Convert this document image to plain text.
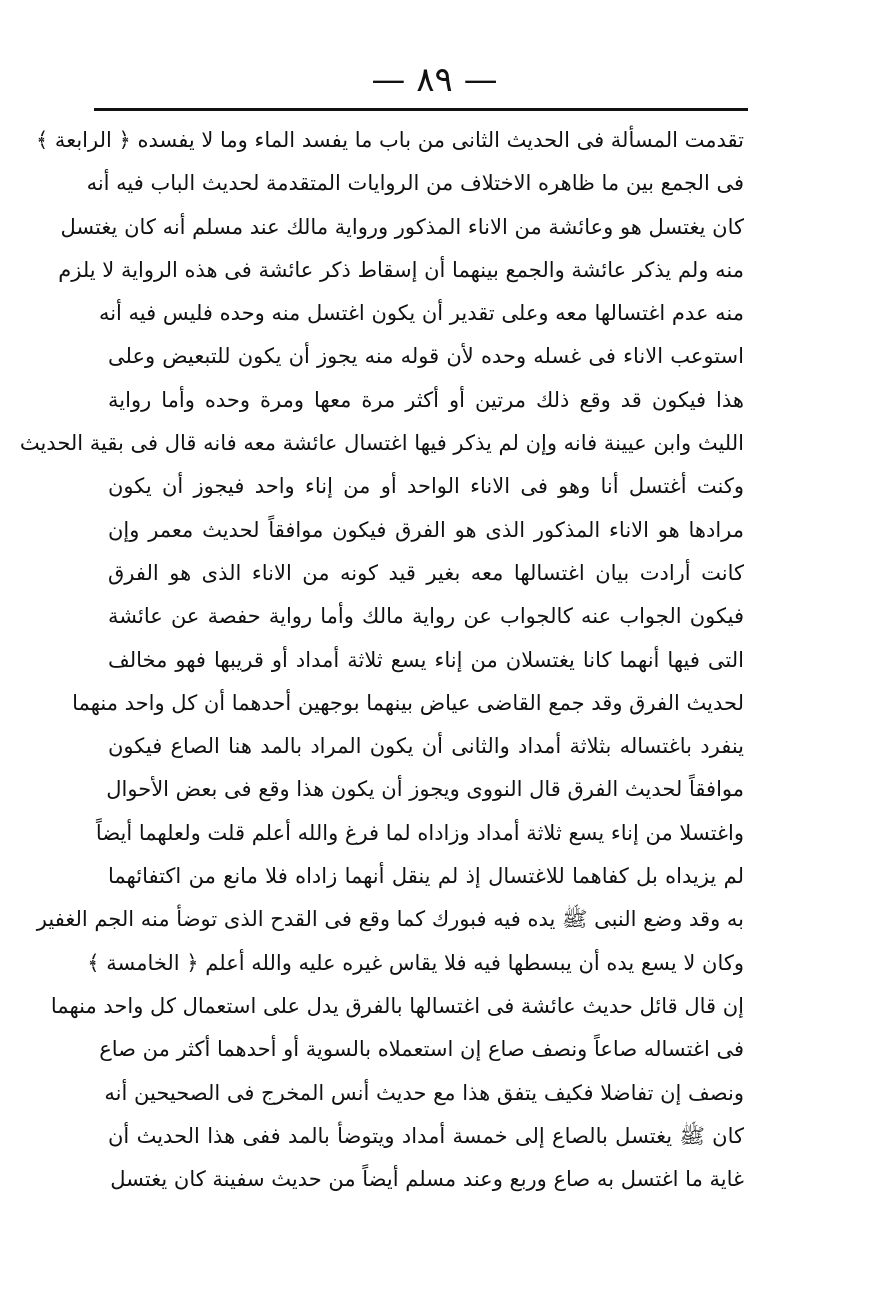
— ٨٩ —
تقدمت المسألة فى الحديث الثانى من باب ما يفسد الماء وما لا يفسده ﴿ الرابعة ﴾
فى الجمع بين ما ظاهره الاختلاف من الروايات المتقدمة لحديث الباب فيه أنه
كان يغتسل هو وعائشة من الاناء المذكور ورواية مالك عند مسلم أنه كان يغتسل
منه ولم يذكر عائشة والجمع بينهما أن إسقاط ذكر عائشة فى هذه الرواية لا يلزم
منه عدم اغتسالها معه وعلى تقدير أن يكون اغتسل منه وحده فليس فيه أنه
استوعب الاناء فى غسله وحده لأن قوله منه يجوز أن يكون للتبعيض وعلى
هذا فيكون قد وقع ذلك مرتين أو أكثر مرة معها ومرة وحده وأما رواية
الليث وابن عيينة فانه وإن لم يذكر فيها اغتسال عائشة معه فانه قال فى بقية الحديث
وكنت أغتسل أنا وهو فى الاناء الواحد أو من إناء واحد فيجوز أن يكون
مرادها هو الاناء المذكور الذى هو الفرق فيكون موافقاً لحديث معمر وإن
كانت أرادت بيان اغتسالها معه بغير قيد كونه من الاناء الذى هو الفرق
فيكون الجواب عنه كالجواب عن رواية مالك وأما رواية حفصة عن عائشة
التى فيها أنهما كانا يغتسلان من إناء يسع ثلاثة أمداد أو قريبها فهو مخالف
لحديث الفرق وقد جمع القاضى عياض بينهما بوجهين أحدهما أن كل واحد منهما
ينفرد باغتساله بثلاثة أمداد والثانى أن يكون المراد بالمد هنا الصاع فيكون
موافقاً لحديث الفرق قال النووى ويجوز أن يكون هذا وقع فى بعض الأحوال
واغتسلا من إناء يسع ثلاثة أمداد وزاداه لما فرغ والله أعلم قلت ولعلهما أيضاً
لم يزيداه بل كفاهما للاغتسال إذ لم ينقل أنهما زاداه فلا مانع من اكتفائهما
به وقد وضع النبى ﷺ يده فيه فبورك كما وقع فى القدح الذى توضأ منه الجم الغفير
وكان لا يسع يده أن يبسطها فيه فلا يقاس غيره عليه والله أعلم ﴿ الخامسة ﴾
إن قال قائل حديث عائشة فى اغتسالها بالفرق يدل على استعمال كل واحد منهما
فى اغتساله صاعاً ونصف صاع إن استعملاه بالسوية أو أحدهما أكثر من صاع
ونصف إن تفاضلا فكيف يتفق هذا مع حديث أنس المخرج فى الصحيحين أنه
كان ﷺ يغتسل بالصاع إلى خمسة أمداد ويتوضأ بالمد ففى هذا الحديث أن
غاية ما اغتسل به صاع وربع وعند مسلم أيضاً من حديث سفينة كان يغتسل
